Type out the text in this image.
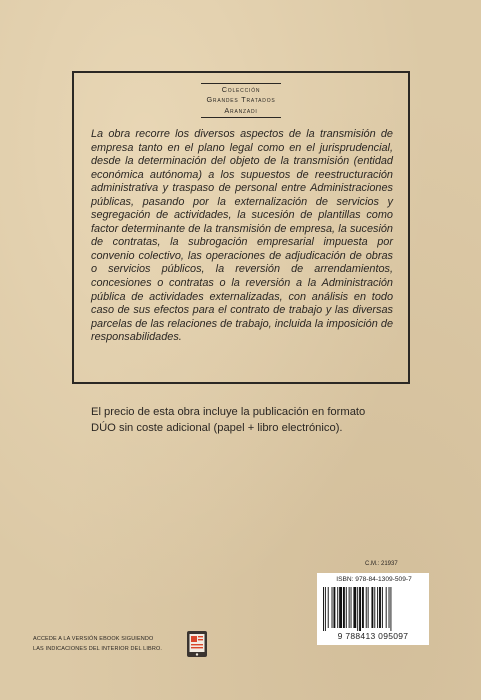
Colección
Grandes Tratados
Aranzadi

La obra recorre los diversos aspectos de la transmisión de empresa tanto en el plano legal como en el jurisprudencial, desde la determinación del objeto de la transmisión (entidad económica autónoma) a los supuestos de reestructuración administrativa y traspaso de personal entre Administraciones públicas, pasando por la externalización de servicios y segregación de actividades, la sucesión de plantillas como factor determinante de la transmisión de empresa, la sucesión de contratas, la subrogación empresarial impuesta por convenio colectivo, las operaciones de adjudicación de obras o servicios públicos, la reversión de arrendamientos, concesiones o contratas o la reversión a la Administración pública de actividades externalizadas, con análisis en todo caso de sus efectos para el contrato de trabajo y las diversas parcelas de las relaciones de trabajo, incluida la imposición de responsabilidades.

El precio de esta obra incluye la publicación en formato
DÚO sin coste adicional (papel + libro electrónico).
C.M.: 21937
ISBN: 978-84-1309-509-7
9 788413 095097
ACCEDE A LA VERSIÓN EBOOK SIGUIENDO
LAS INDICACIONES DEL INTERIOR DEL LIBRO.
